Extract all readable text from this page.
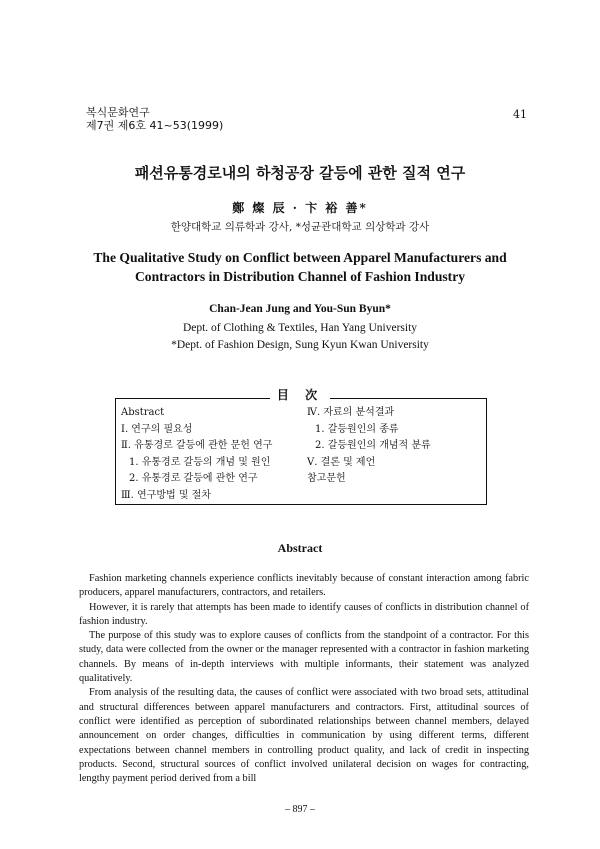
복식문화연구
제7권 제6호 41~53(1999)
41
패션유통경로내의 하청공장 갈등에 관한 질적 연구
鄭 燦 辰 · 卞 裕 善*
한양대학교 의류학과 강사, *성균관대학교 의상학과 강사
The Qualitative Study on Conflict between Apparel Manufacturers and
Contractors in Distribution Channel of Fashion Industry
Chan-Jean Jung and You-Sun Byun*
Dept. of Clothing & Textiles, Han Yang University
*Dept. of Fashion Design, Sung Kyun Kwan University
目 次
Abstract
Ⅰ. 연구의 필요성
Ⅱ. 유통경로 갈등에 관한 문헌 연구
1. 유통경로 갈등의 개념 및 원인
2. 유통경로 갈등에 관한 연구
Ⅲ. 연구방법 및 절차
Ⅳ. 자료의 분석결과
1. 갈등원인의 종류
2. 갈등원인의 개념적 분류
Ⅴ. 결론 및 제언
참고문헌
Abstract

Fashion marketing channels experience conflicts inevitably because of constant interaction among fabric producers, apparel manufacturers, contractors, and retailers.

However, it is rarely that attempts has been made to identify causes of conflicts in distribution channel of fashion industry.

The purpose of this study was to explore causes of conflicts from the standpoint of a contractor. For this study, data were collected from the owner or the manager represented with a contractor in fashion marketing channels. By means of in-depth interviews with multiple informants, their statement was analyzed qualitatively.

From analysis of the resulting data, the causes of conflict were associated with two broad sets, attitudinal and structural differences between apparel manufacturers and contractors. First, attitudinal sources of conflict were identified as perception of subordinated relationships between channel members, delayed announcement on order changes, difficulties in communication by using different terms, different expectations between channel members in controlling product quality, and lack of credit in inspecting products. Second, structural sources of conflict involved unilateral decision on wages for contracting, lengthy payment period derived from a bill

– 897 –
